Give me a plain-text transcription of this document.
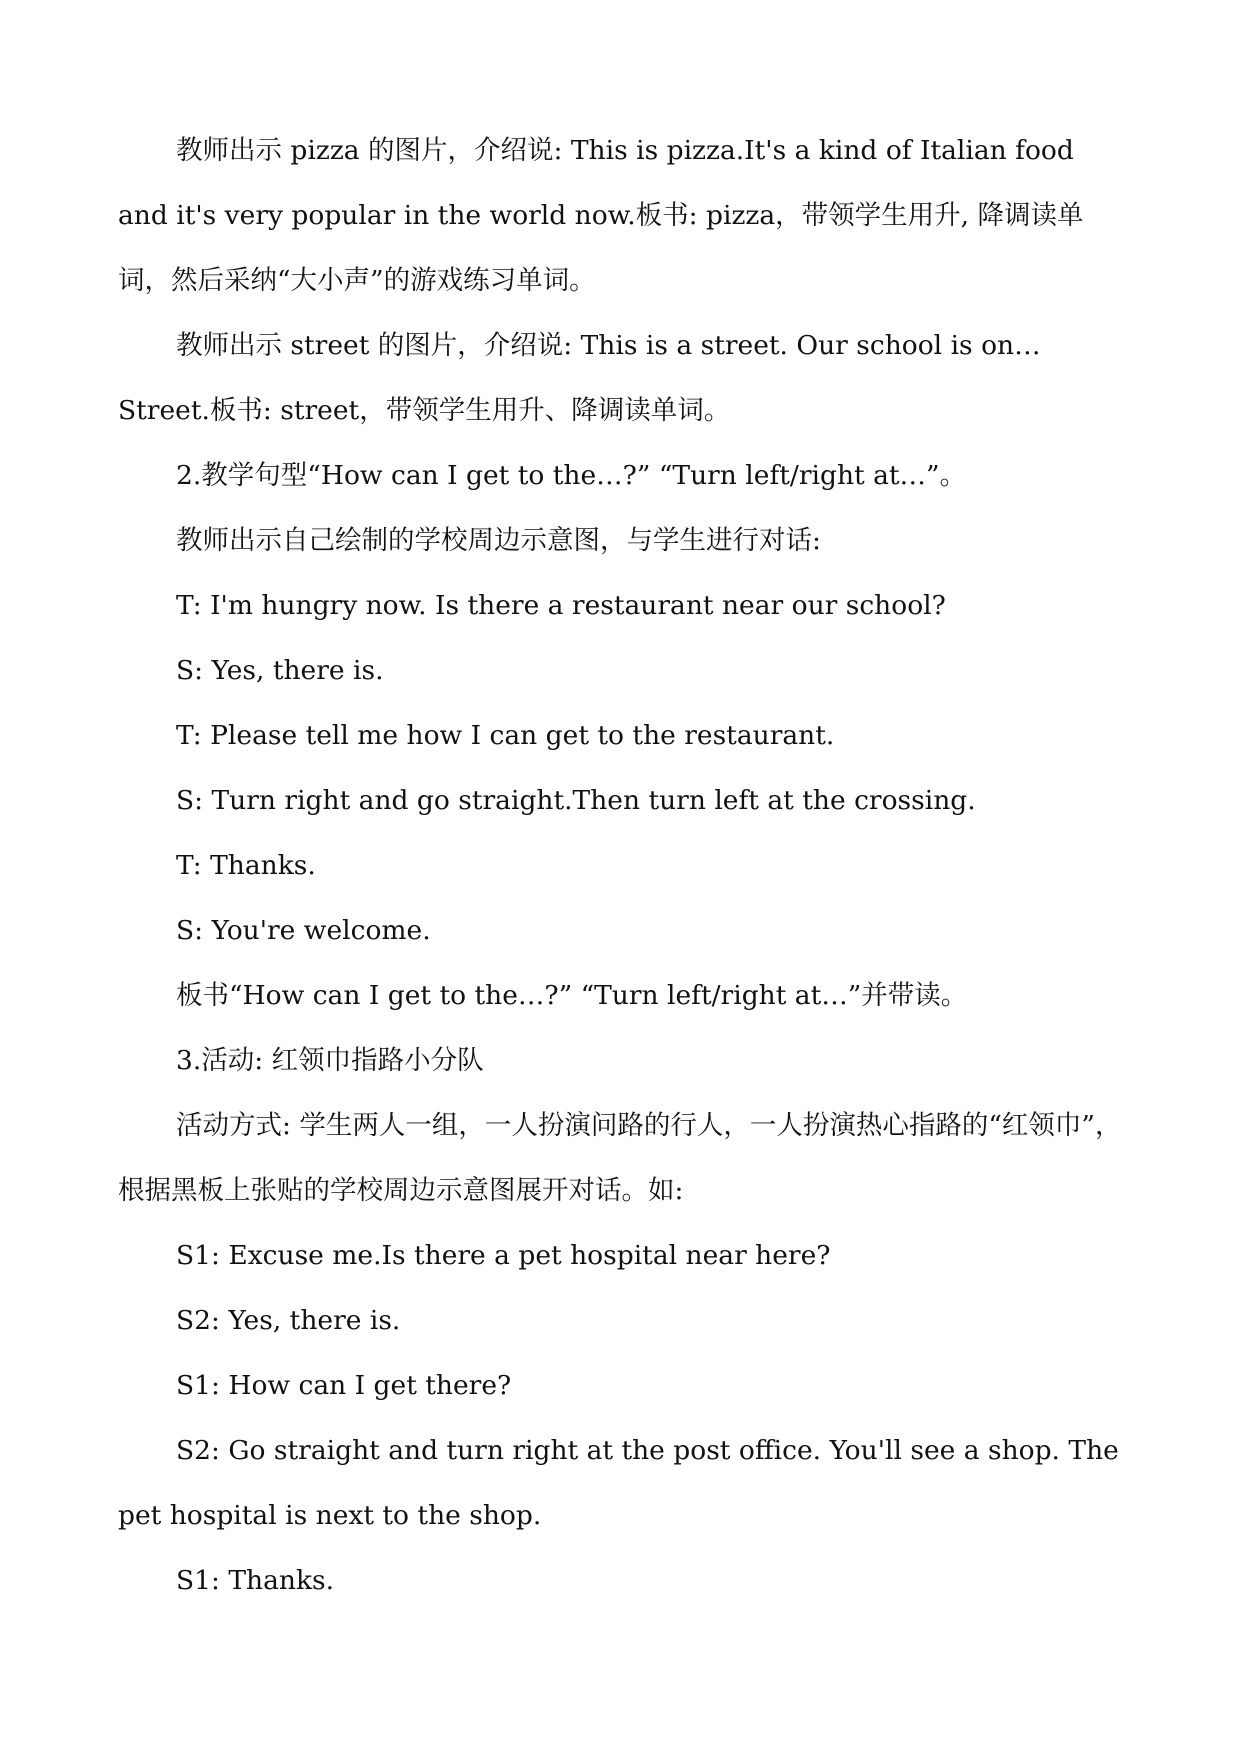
教师出示 pizza 的图片，介绍说: This is pizza.It's a kind of Italian food and it's very popular in the world now.板书: pizza，带领学生用升, 降调读单词，然后采纳“大小声”的游戏练习单词。

教师出示 street 的图片，介绍说: This is a street. Our school is on… Street.板书: street，带领学生用升、降调读单词。

2.教学句型“How can I get to the…?” “Turn left/right at…”。

教师出示自己绘制的学校周边示意图，与学生进行对话:

T: I'm hungry now. Is there a restaurant near our school?

S: Yes, there is.

T: Please tell me how I can get to the restaurant.

S: Turn right and go straight.Then turn left at the crossing.

T: Thanks.

S: You're welcome.

板书“How can I get to the…?” “Turn left/right at…”并带读。

3.活动: 红领巾指路小分队

活动方式: 学生两人一组，一人扮演问路的行人，一人扮演热心指路的“红领巾”，根据黑板上张贴的学校周边示意图展开对话。如:

S1: Excuse me.Is there a pet hospital near here?

S2: Yes, there is.

S1: How can I get there?

S2: Go straight and turn right at the post office. You'll see a shop. The pet hospital is next to the shop.

S1: Thanks.
